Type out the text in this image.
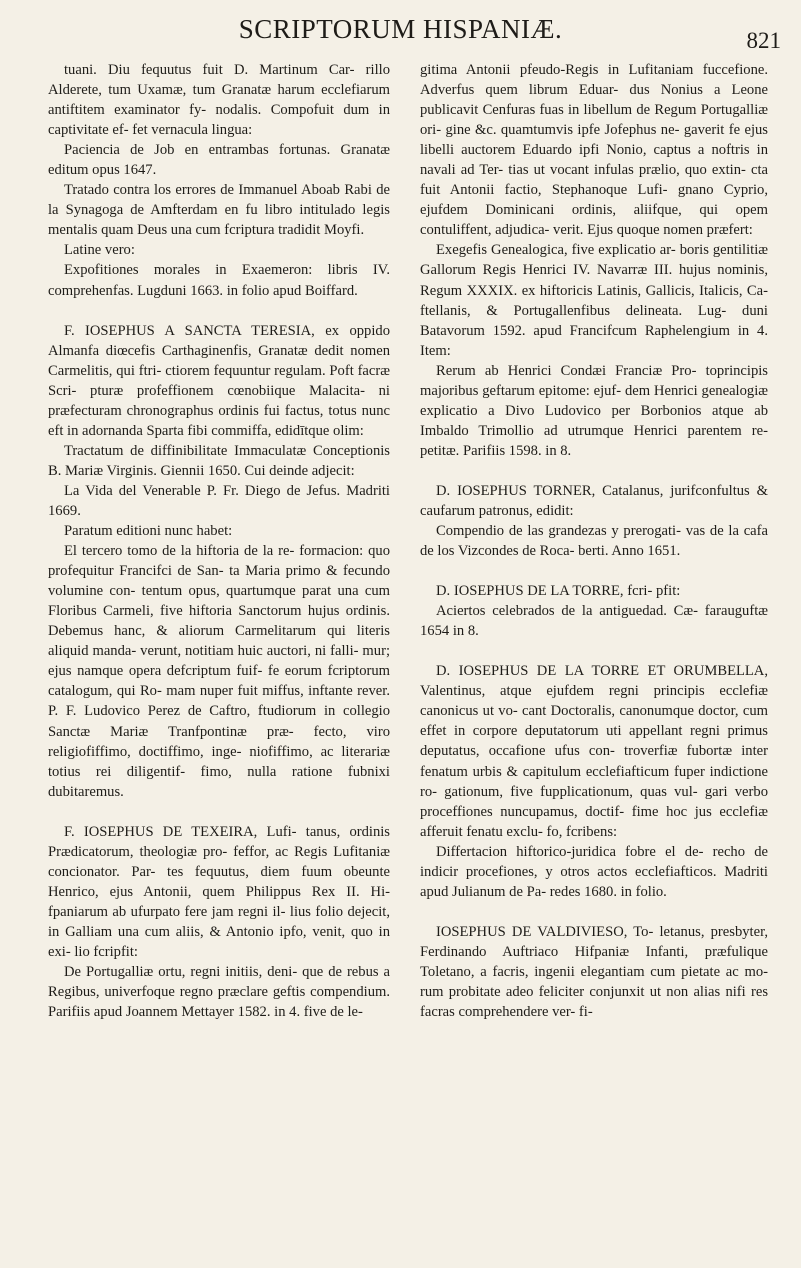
SCRIPTORUM HISPANIÆ.	821

tuani. Diu fequutus fuit D. Martinum Car- rillo Alderete, tum Uxamæ, tum Granatæ harum ecclefiarum antiftitem examinator fy- nodalis. Compofuit dum in captivitate ef- fet vernacula lingua:

Paciencia de Job en entrambas fortunas. Granatæ editum opus 1647.

Tratado contra los errores de Immanuel Aboab Rabi de la Synagoga de Amfterdam en fu libro intitulado legis mentalis quam Deus una cum fcriptura tradidit Moyfi.

Latine vero:

Expofitiones morales in Exaemeron: libris IV. comprehenfas. Lugduni 1663. in folio apud Boiffard.

F. IOSEPHUS A SANCTA TERESIA, ex oppido Almanfa diœcefis Carthaginenfis, Granatæ dedit nomen Carmelitis, qui ftri- ctiorem fequuntur regulam. Poft facræ Scri- pturæ profeffionem cœnobiique Malacita- ni præfecturam chronographus ordinis fui factus, totus nunc eft in adornanda Sparta fibi commiffa, edidītque olim:

Tractatum de diffinibilitate Immaculatæ Conceptionis B. Mariæ Virginis. Giennii 1650. Cui deinde adjecit:

La Vida del Venerable P. Fr. Diego de Jefus. Madriti 1669.

Paratum editioni nunc habet:

El tercero tomo de la hiftoria de la re- formacion: quo profequitur Francifci de San- ta Maria primo & fecundo volumine con- tentum opus, quartumque parat una cum Floribus Carmeli, five hiftoria Sanctorum hujus ordinis. Debemus hanc, & aliorum Carmelitarum qui literis aliquid manda- verunt, notitiam huic auctori, ni falli- mur; ejus namque opera defcriptum fuif- fe eorum fcriptorum catalogum, qui Ro- mam nuper fuit miffus, inftante rever. P. F. Ludovico Perez de Caftro, ftudiorum in collegio Sanctæ Mariæ Tranfpontinæ præ- fecto, viro religiofiffimo, doctiffimo, inge- niofiffimo, ac literariæ totius rei diligentif- fimo, nulla ratione fubnixi dubitaremus.

F. IOSEPHUS DE TEXEIRA, Lufi- tanus, ordinis Prædicatorum, theologiæ pro- feffor, ac Regis Lufitaniæ concionator. Par- tes fequutus, diem fuum obeunte Henrico, ejus Antonii, quem Philippus Rex II. Hi- fpaniarum ab ufurpato fere jam regni il- lius folio dejecit, in Galliam una cum aliis, & Antonio ipfo, venit, quo in exi- lio fcripfit:

De Portugalliæ ortu, regni initiis, deni- que de rebus a Regibus, univerfoque regno præclare geftis compendium. Parifiis apud Joannem Mettayer 1582. in 4. five de le-

gitima Antonii pfeudo-Regis in Lufitaniam fuccefione. Adverfus quem librum Eduar- dus Nonius a Leone publicavit Cenfuras fuas in libellum de Regum Portugalliæ ori- gine &c. quamtumvis ipfe Jofephus ne- gaverit fe ejus libelli auctorem Eduardo ipfi Nonio, captus a noftris in navali ad Ter- tias ut vocant infulas prælio, quo extin- cta fuit Antonii factio, Stephanoque Lufi- gnano Cyprio, ejufdem Dominicani ordinis, aliifque, qui opem contuliffent, adjudica- verit. Ejus quoque nomen præfert:

Exegefis Genealogica, five explicatio ar- boris gentilitiæ Gallorum Regis Henrici IV. Navarræ III. hujus nominis, Regum XXXIX. ex hiftoricis Latinis, Gallicis, Italicis, Ca- ftellanis, & Portugallenfibus delineata. Lug- duni Batavorum 1592. apud Francifcum Raphelengium in 4. Item:

Rerum ab Henrici Condæi Franciæ Pro- toprincipis majoribus geftarum epitome: ejuf- dem Henrici genealogiæ explicatio a Divo Ludovico per Borbonios atque ab Imbaldo Trimollio ad utrumque Henrici parentem re- petitæ. Parifiis 1598. in 8.

D. IOSEPHUS TORNER, Catalanus, jurifconfultus & caufarum patronus, edidit:

Compendio de las grandezas y prerogati- vas de la cafa de los Vizcondes de Roca- berti. Anno 1651.

D. IOSEPHUS DE LA TORRE, fcri- pfit:

Aciertos celebrados de la antiguedad. Cæ- farauguftæ 1654 in 8.

D. IOSEPHUS DE LA TORRE ET ORUMBELLA, Valentinus, atque ejufdem regni principis ecclefiæ canonicus ut vo- cant Doctoralis, canonumque doctor, cum effet in corpore deputatorum uti appellant regni primus deputatus, occafione ufus con- troverfiæ fubortæ inter fenatum urbis & capitulum ecclefiafticum fuper indictione ro- gationum, five fupplicationum, quas vul- gari verbo proceffiones nuncupamus, doctif- fime hoc jus ecclefiæ afferuit fenatu exclu- fo, fcribens:

Differtacion hiftorico-juridica fobre el de- recho de indicir procefiones, y otros actos ecclefiafticos. Madriti apud Julianum de Pa- redes 1680. in folio.

IOSEPHUS DE VALDIVIESO, To- letanus, presbyter, Ferdinando Auftriaco Hifpaniæ Infanti, præfulique Toletano, a facris, ingenii elegantiam cum pietate ac mo- rum probitate adeo feliciter conjunxit ut non alias nifi res facras comprehendere ver- fi-
